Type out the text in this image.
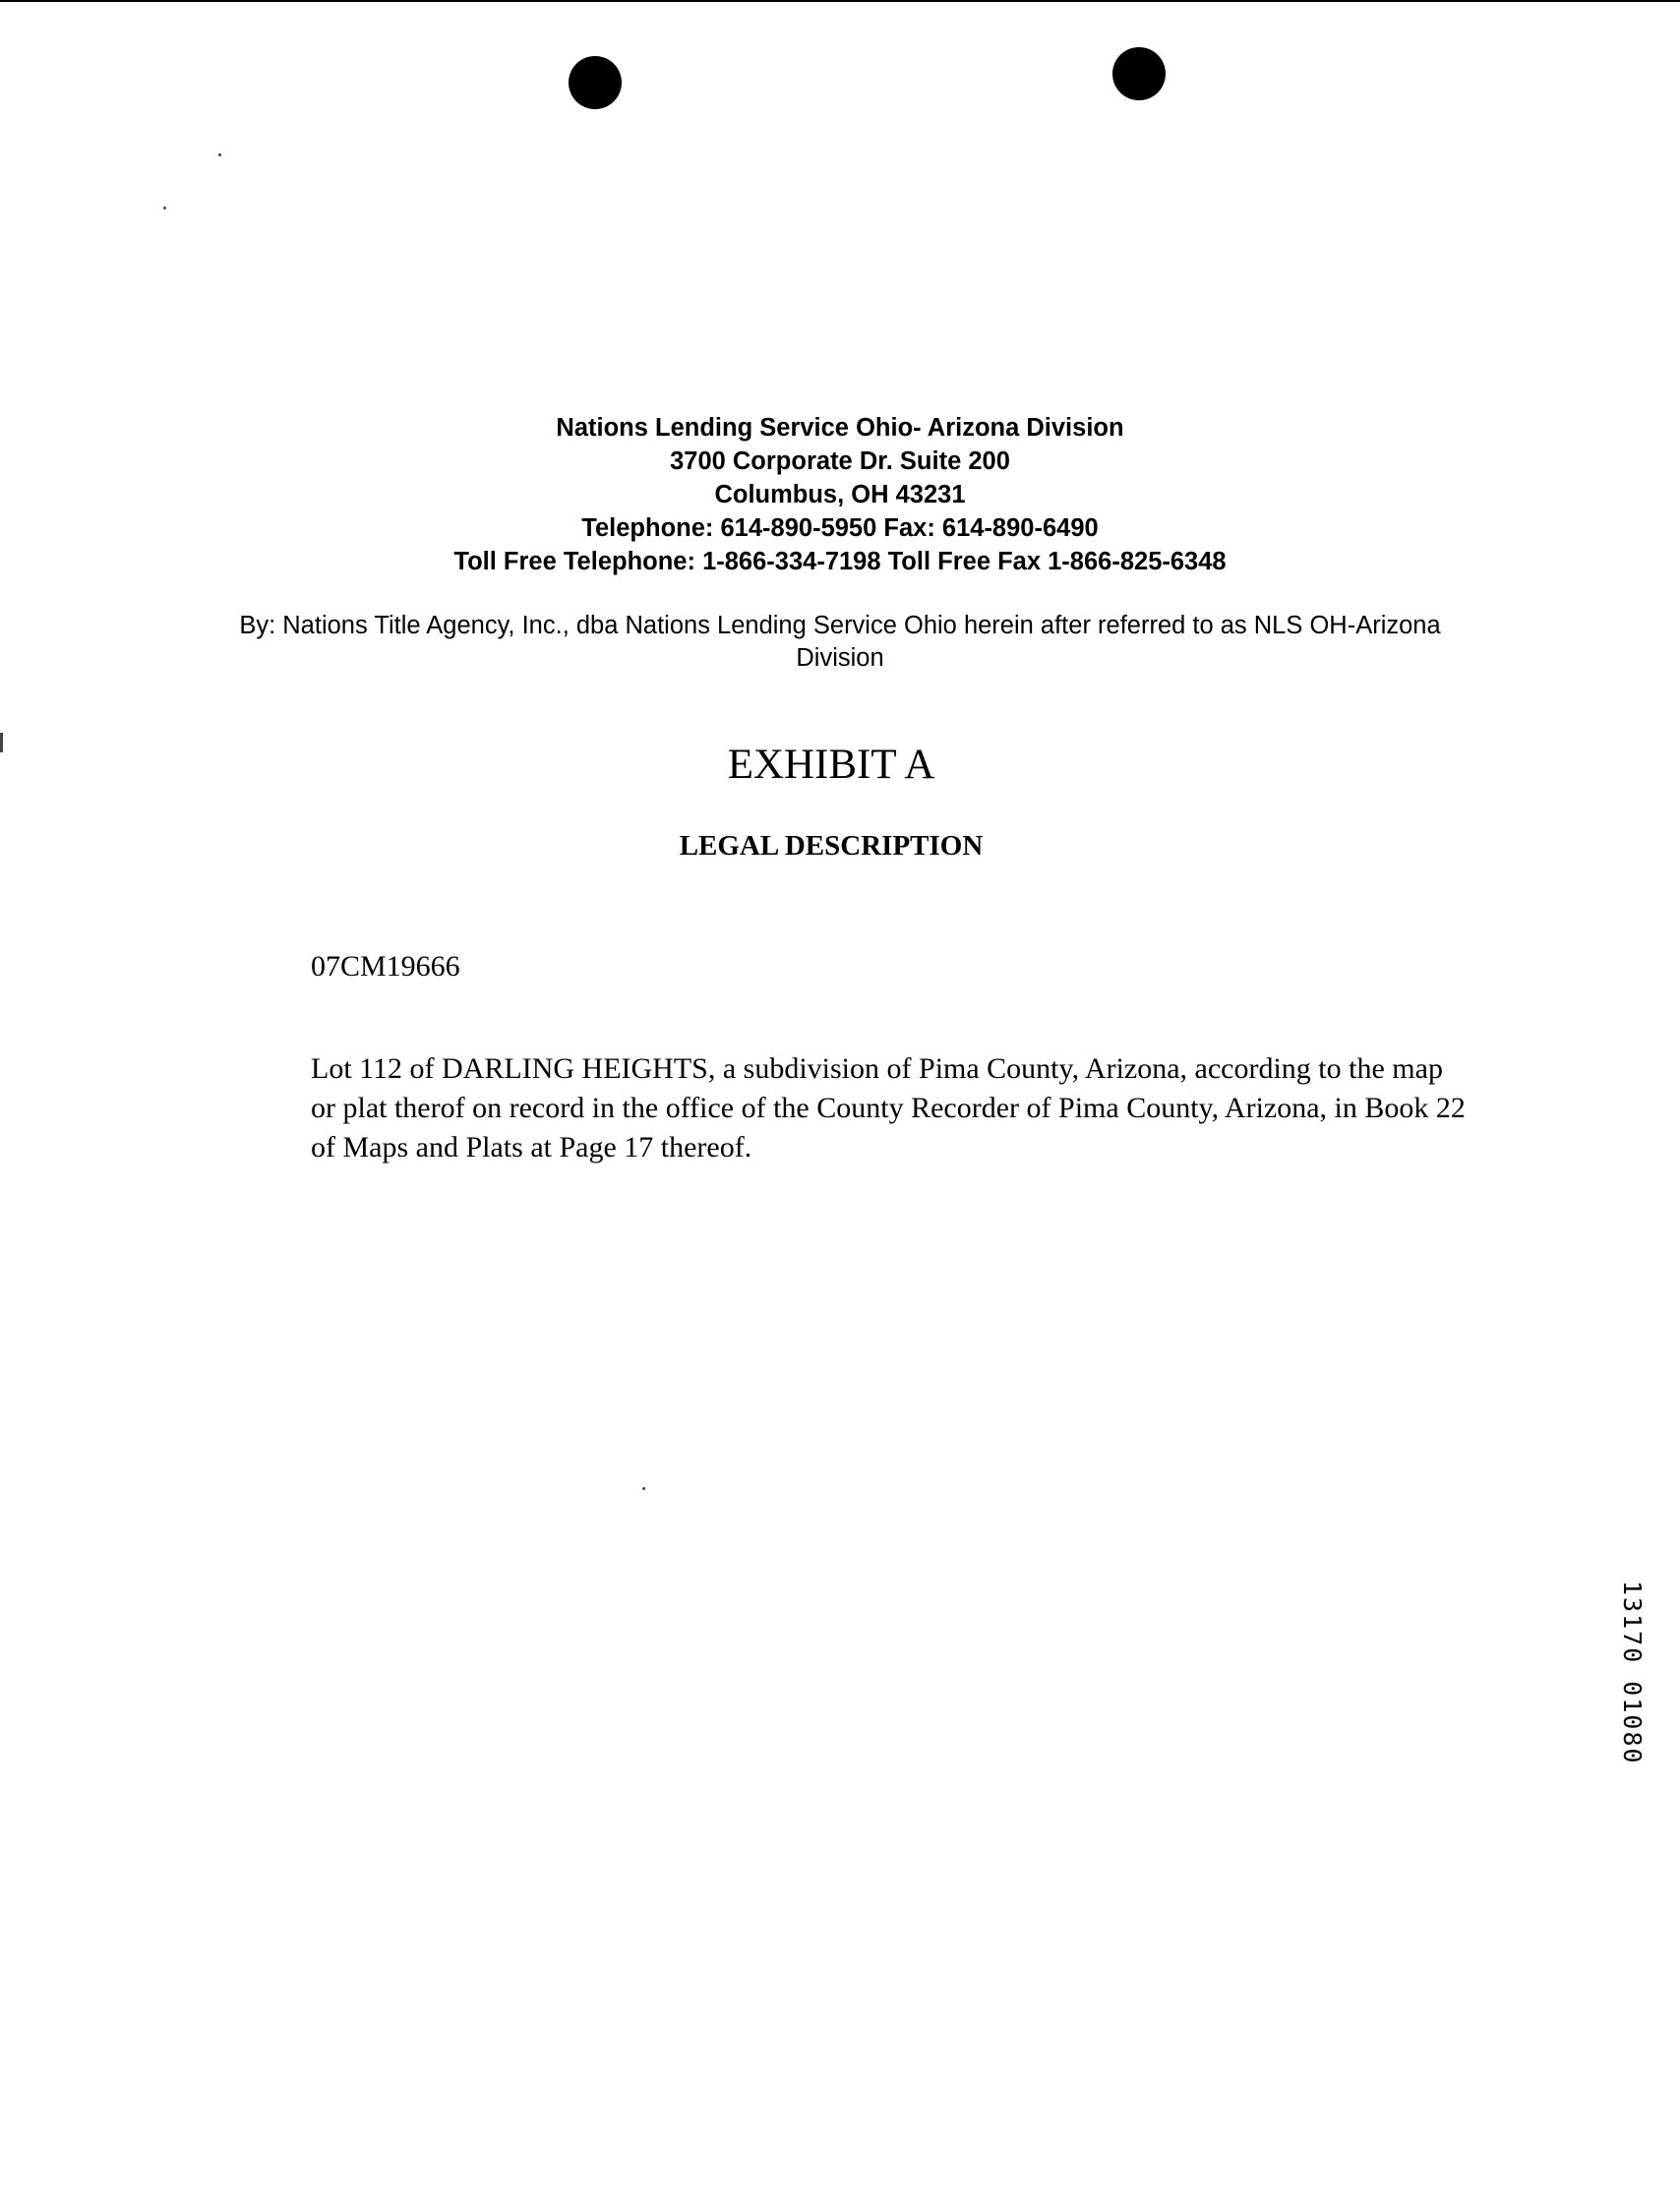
Nations Lending Service Ohio- Arizona Division
3700 Corporate Dr. Suite 200
Columbus, OH 43231
Telephone: 614-890-5950 Fax: 614-890-6490
Toll Free Telephone: 1-866-334-7198 Toll Free Fax 1-866-825-6348
By: Nations Title Agency, Inc., dba Nations Lending Service Ohio herein after referred to as NLS OH-Arizona Division
EXHIBIT A
LEGAL DESCRIPTION
07CM19666
Lot 112 of DARLING HEIGHTS, a subdivision of Pima County, Arizona, according to the map or plat therof on record in the office of the County Recorder of Pima County, Arizona, in Book 22 of Maps and Plats at Page 17 thereof.
13170 01080
